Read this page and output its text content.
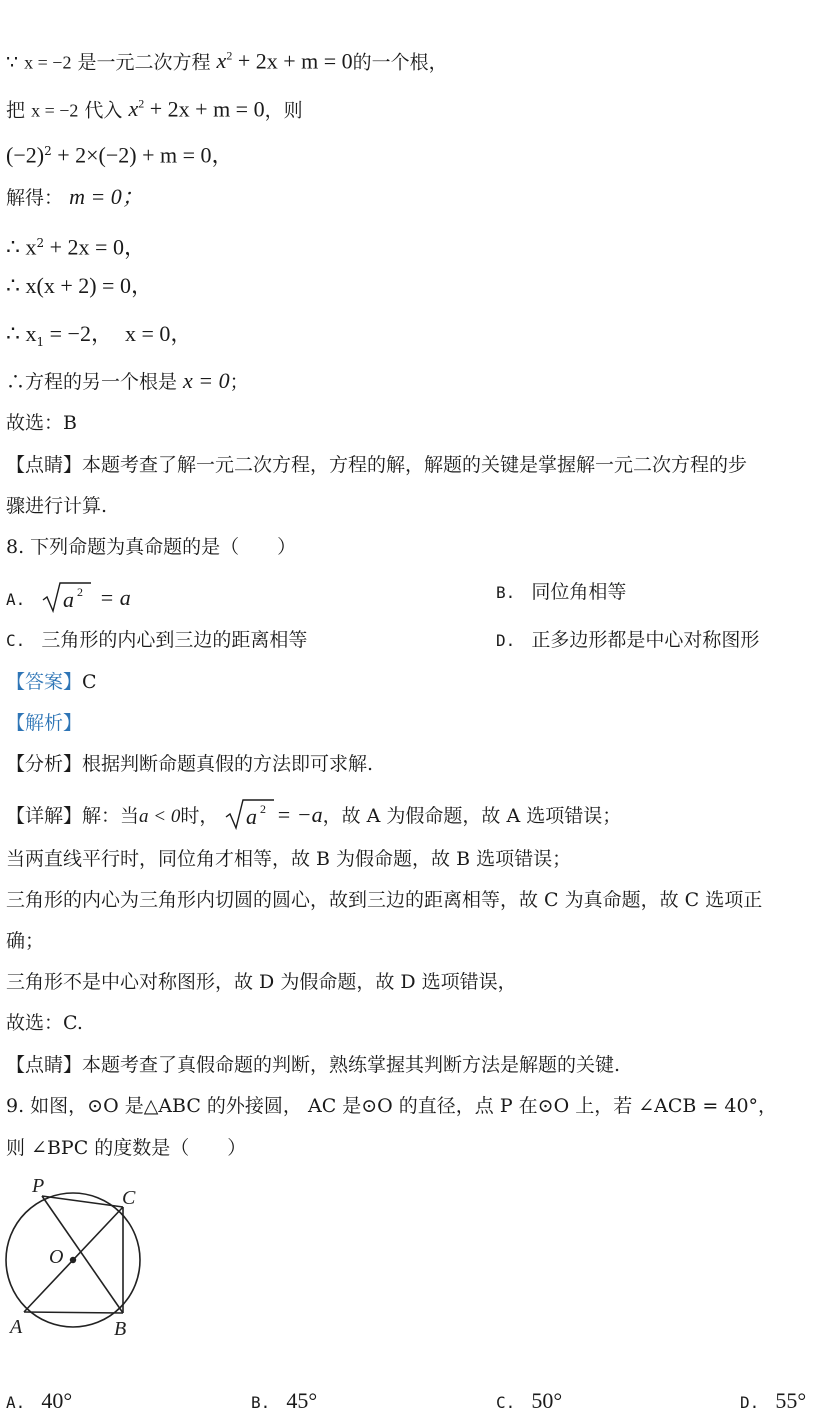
∵ x = −2 是一元二次方程 $x^2 + 2x + m = 0$的一个根，
把 x = −2 代入 $x^2 + 2x + m = 0$，则
$(-2)^2 + 2\times(-2) + m = 0$，
解得： m = 0；
∴ $x^2 + 2x = 0$，
∴ x(x + 2) = 0，
∴ $x_1 = -2$， x = 0，
∴方程的另一个根是 x = 0；
故选：B
【点睛】本题考查了解一元二次方程，方程的解，解题的关键是掌握解一元二次方程的步
骤进行计算.
8. 下列命题为真命题的是（　　）
A. a 2 = a	B. 同位角相等
C. 三角形的内心到三边的距离相等	D. 正多边形都是中心对称图形
【答案】C
【解析】
【分析】根据判断命题真假的方法即可求解.
【详解】解：当a < 0时， a 2 = −a，故 A 为假命题，故 A 选项错误；
当两直线平行时，同位角才相等，故 B 为假命题，故 B 选项错误；
三角形的内心为三角形内切圆的圆心，故到三边的距离相等，故 C 为真命题，故 C 选项正
确；
三角形不是中心对称图形，故 D 为假命题，故 D 选项错误，
故选：C.
【点睛】本题考查了真假命题的判断，熟练掌握其判断方法是解题的关键.
9. 如图，⊙O 是△ABC 的外接圆， AC 是⊙O 的直径，点 P 在⊙O 上，若 ∠ACB = 40°，
则 ∠BPC 的度数是（　　）
P
C
O
A	B
A. 40°	B. 45°	C. 50°	D. 55°
